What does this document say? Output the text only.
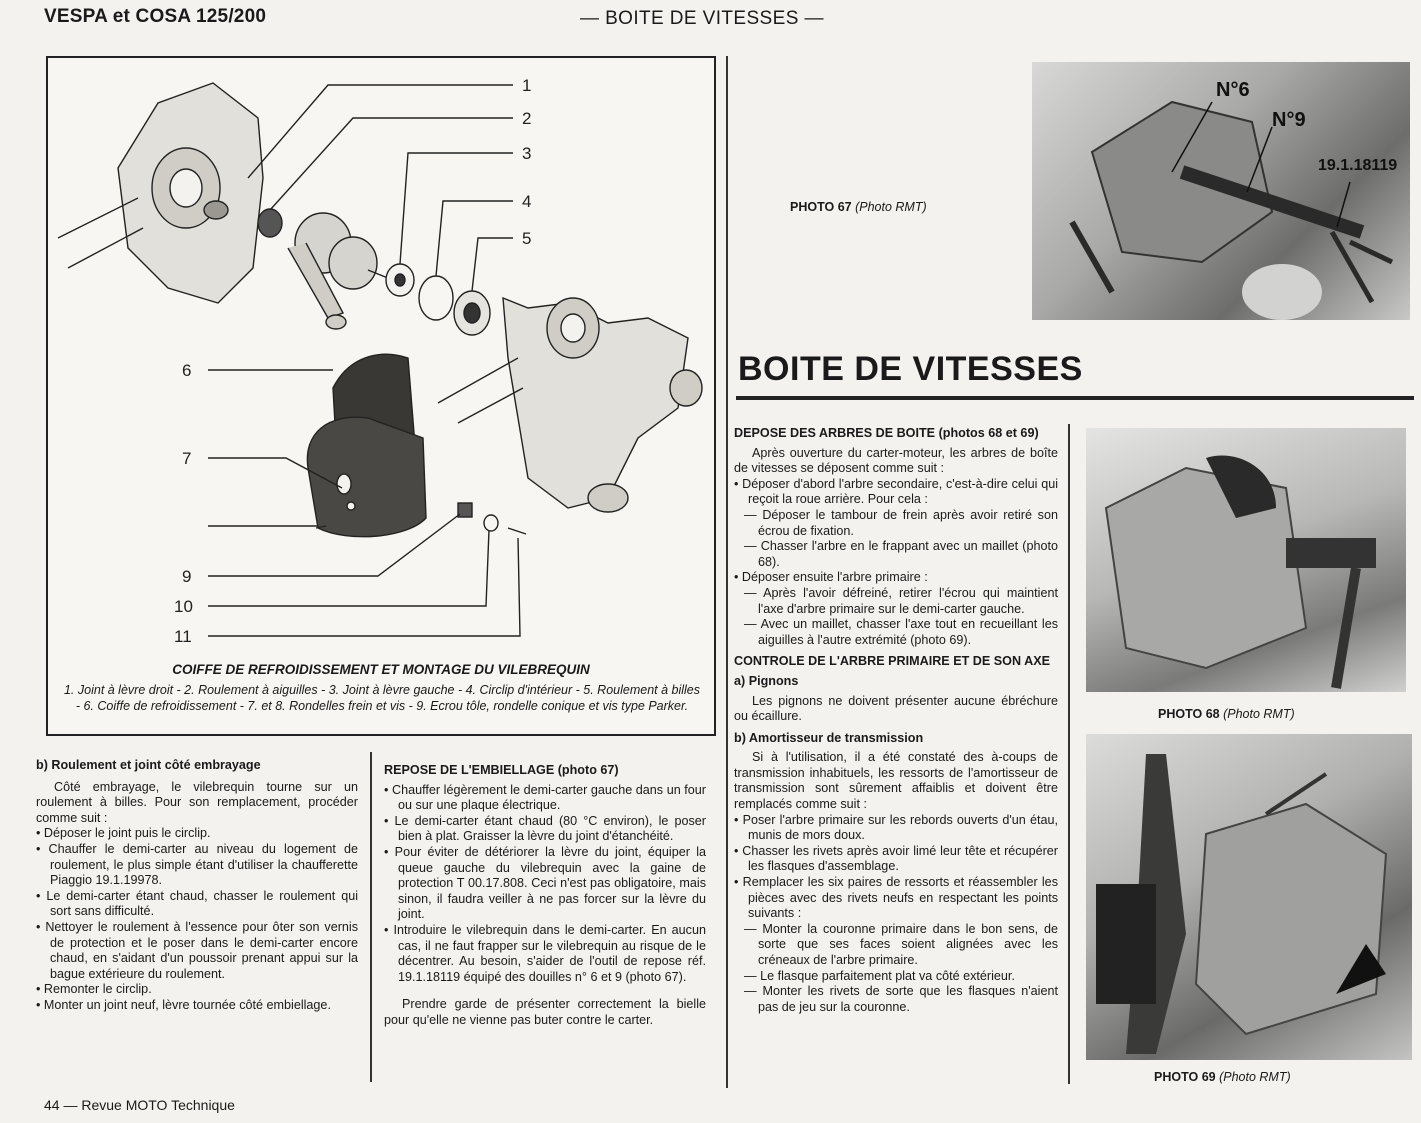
VESPA et COSA 125/200	— BOITE DE VITESSES —
1
2
3
4
5
6
7
9
10
11
COIFFE DE REFROIDISSEMENT ET MONTAGE DU VILEBREQUIN
1. Joint à lèvre droit - 2. Roulement à aiguilles - 3. Joint à lèvre gauche - 4. Circlip d'intérieur - 5. Roulement à billes - 6. Coiffe de refroidissement - 7. et 8. Rondelles frein et vis - 9. Ecrou tôle, rondelle conique et vis type Parker.

b) Roulement et joint côté embrayage

Côté embrayage, le vilebrequin tourne sur un roulement à billes. Pour son remplacement, procéder comme suit :

• Déposer le joint puis le circlip.

• Chauffer le demi-carter au niveau du logement de roulement, le plus simple étant d'utiliser la chaufferette Piaggio 19.1.19978.

• Le demi-carter étant chaud, chasser le roulement qui sort sans difficulté.

• Nettoyer le roulement à l'essence pour ôter son vernis de protection et le poser dans le demi-carter encore chaud, en s'aidant d'un poussoir prenant appui sur la bague extérieure du roulement.

• Remonter le circlip.

• Monter un joint neuf, lèvre tournée côté embiellage.

REPOSE DE L'EMBIELLAGE (photo 67)

• Chauffer légèrement le demi-carter gauche dans un four ou sur une plaque électrique.

• Le demi-carter étant chaud (80 °C environ), le poser bien à plat. Graisser la lèvre du joint d'étanchéité.

• Pour éviter de détériorer la lèvre du joint, équiper la queue gauche du vilebrequin avec la gaine de protection T 00.17.808. Ceci n'est pas obligatoire, mais sinon, il faudra veiller à ne pas forcer sur la lèvre du joint.

• Introduire le vilebrequin dans le demi-carter. En aucun cas, il ne faut frapper sur le vilebrequin au risque de le décentrer. Au besoin, s'aider de l'outil de repose réf. 19.1.18119 équipé des douilles n° 6 et 9 (photo 67).

Prendre garde de présenter correctement la bielle pour qu'elle ne vienne pas buter contre le carter.

PHOTO 67 (Photo RMT)
N°6
N°9
19.1.18119
BOITE DE VITESSES

DEPOSE DES ARBRES DE BOITE (photos 68 et 69)

Après ouverture du carter-moteur, les arbres de boîte de vitesses se déposent comme suit :

• Déposer d'abord l'arbre secondaire, c'est-à-dire celui qui reçoit la roue arrière. Pour cela :

— Déposer le tambour de frein après avoir retiré son écrou de fixation.

— Chasser l'arbre en le frappant avec un maillet (photo 68).

• Déposer ensuite l'arbre primaire :

— Après l'avoir défreiné, retirer l'écrou qui maintient l'axe d'arbre primaire sur le demi-carter gauche.

— Avec un maillet, chasser l'axe tout en recueillant les aiguilles à l'autre extrémité (photo 69).

CONTROLE DE L'ARBRE PRIMAIRE ET DE SON AXE

a) Pignons

Les pignons ne doivent présenter aucune ébréchure ou écaillure.

b) Amortisseur de transmission

Si à l'utilisation, il a été constaté des à-coups de transmission inhabituels, les ressorts de l'amortisseur de transmission sont sûrement affaiblis et doivent être remplacés comme suit :

• Poser l'arbre primaire sur les rebords ouverts d'un étau, munis de mors doux.

• Chasser les rivets après avoir limé leur tête et récupérer les flasques d'assemblage.

• Remplacer les six paires de ressorts et réassembler les pièces avec des rivets neufs en respectant les points suivants :

— Monter la couronne primaire dans le bon sens, de sorte que ses faces soient alignées avec les créneaux de l'arbre primaire.

— Le flasque parfaitement plat va côté extérieur.

— Monter les rivets de sorte que les flasques n'aient pas de jeu sur la couronne.

PHOTO 68 (Photo RMT)
PHOTO 69 (Photo RMT)
44 — Revue MOTO Technique
